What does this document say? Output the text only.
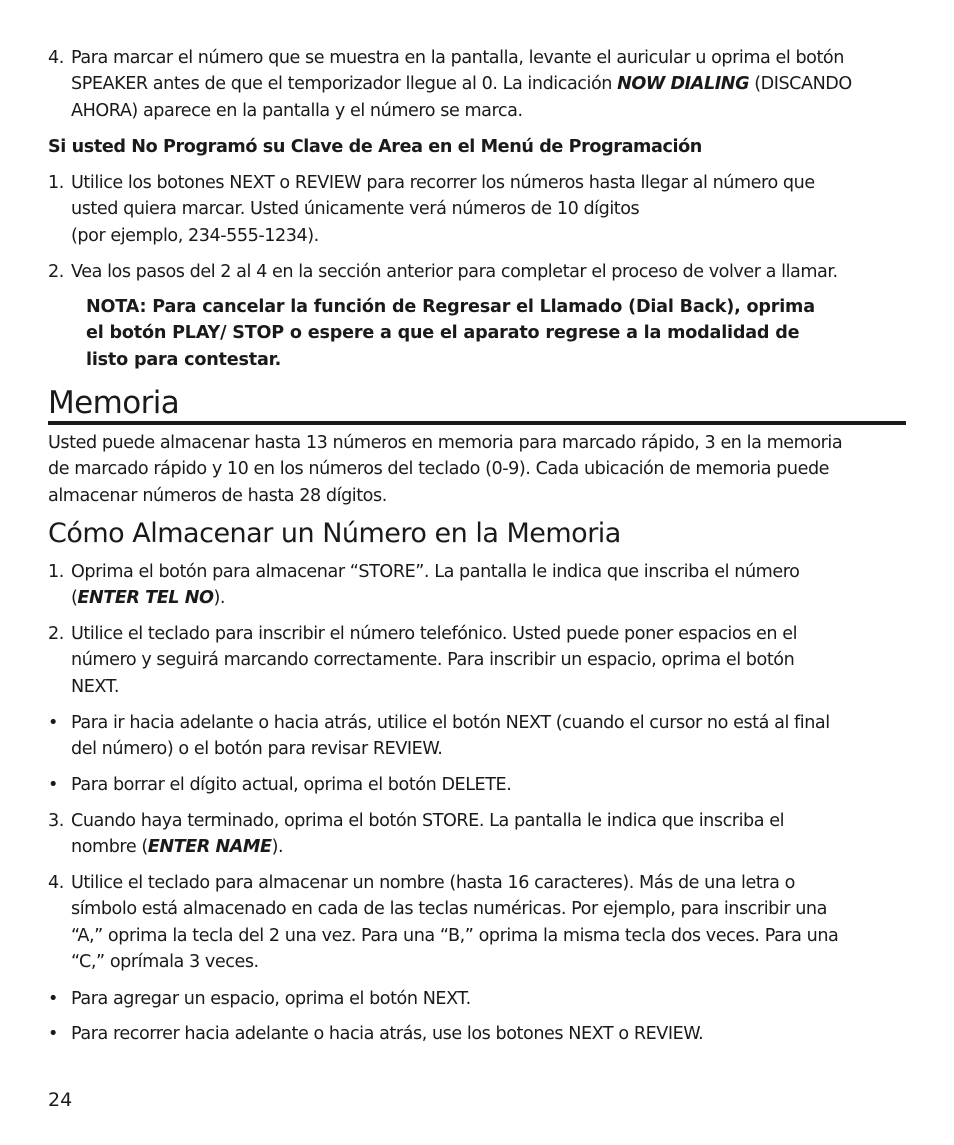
4. Para marcar el número que se muestra en la pantalla, levante el auricular u oprima el botón
SPEAKER antes de que el temporizador llegue al 0. La indicación NOW DIALING (DISCANDO
AHORA) aparece en la pantalla y el número se marca.
Si usted No Programó su Clave de Area en el Menú de Programación
1. Utilice los botones NEXT o REVIEW para recorrer los números hasta llegar al número que
usted quiera marcar. Usted únicamente verá números de 10 dígitos
(por ejemplo, 234-555-1234).
2. Vea los pasos del 2 al 4 en la sección anterior para completar el proceso de volver a llamar.
NOTA: Para cancelar la función de Regresar el Llamado (Dial Back), oprima
el botón PLAY/ STOP o espere a que el aparato regrese a la modalidad de
listo para contestar.
Memoria
Usted puede almacenar hasta 13 números en memoria para marcado rápido, 3 en la memoria
de marcado rápido y 10 en los números del teclado (0-9). Cada ubicación de memoria puede
almacenar números de hasta 28 dígitos.
Cómo Almacenar un Número en la Memoria
1. Oprima el botón para almacenar “STORE”. La pantalla le indica que inscriba el número
(ENTER TEL NO).
2. Utilice el teclado para inscribir el número telefónico. Usted puede poner espacios en el
número y seguirá marcando correctamente. Para inscribir un espacio, oprima el botón
NEXT.
• Para ir hacia adelante o hacia atrás, utilice el botón NEXT (cuando el cursor no está al final
del número) o el botón para revisar REVIEW.
• Para borrar el dígito actual, oprima el botón DELETE.
3. Cuando haya terminado, oprima el botón STORE. La pantalla le indica que inscriba el
nombre (ENTER NAME).
4. Utilice el teclado para almacenar un nombre (hasta 16 caracteres). Más de una letra o
símbolo está almacenado en cada de las teclas numéricas. Por ejemplo, para inscribir una
“A,” oprima la tecla del 2 una vez. Para una “B,” oprima la misma tecla dos veces. Para una
“C,” oprímala 3 veces.
• Para agregar un espacio, oprima el botón NEXT.
• Para recorrer hacia adelante o hacia atrás, use los botones NEXT o REVIEW.
24
